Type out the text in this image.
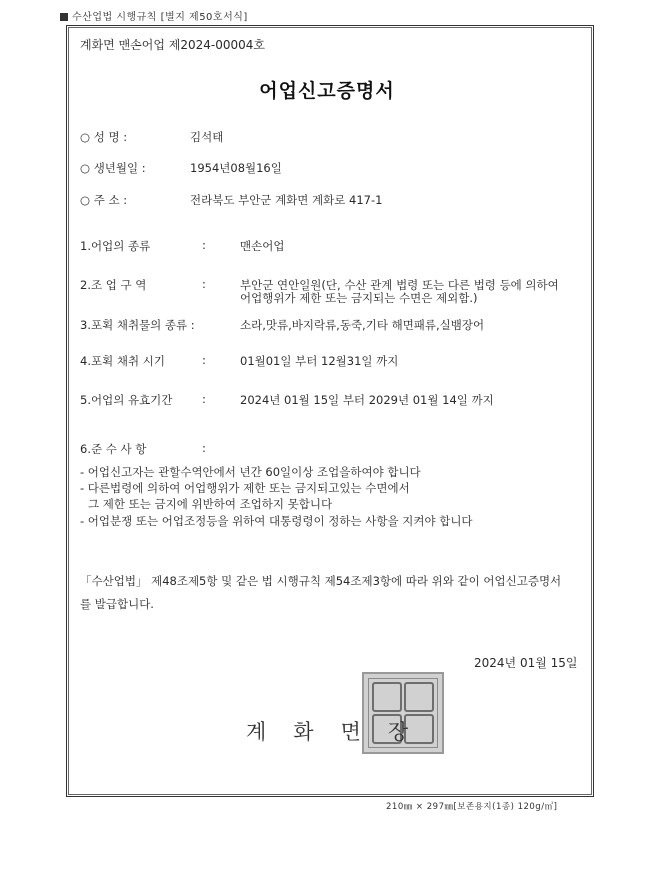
수산업법 시행규칙 [별지 제50호서식]
계화면 맨손어업 제2024-00004호
어업신고증명서
○ 성 명 :	김석태
○ 생년월일 :	1954년08월16일
○ 주 소 :	전라북도 부안군 계화면 계화로 417-1
1.어업의 종류	:	맨손어업
2.조 업 구 역	:	부안군 연안일원(단, 수산 관계 법령 또는 다른 법령 등에 의하여
어업행위가 제한 또는 금지되는 수면은 제외함.)
3.포획 채취물의 종류 :	소라,맛류,바지락류,동죽,기타 해면패류,실뱀장어
4.포획 채취 시기	:	01월01일 부터 12월31일 까지
5.어업의 유효기간	:	2024년 01월 15일 부터 2029년 01월 14일 까지
6.준 수 사 항	:
- 어업신고자는 관할수역안에서 년간 60일이상 조업을하여야 합니다
- 다른법령에 의하여 어업행위가 제한 또는 금지되고있는 수면에서
그 제한 또는 금지에 위반하여 조업하지 못합니다
- 어업분쟁 또는 어업조정등을 위하여 대통령령이 정하는 사항을 지켜야 합니다
「수산업법」 제48조제5항 및 같은 법 시행규칙 제54조제3항에 따라 위와 같이 어업신고증명서
를 발급합니다.
2024년 01월 15일
계 화 면 장
210㎜ × 297㎜[보존용지(1종) 120g/㎡]
